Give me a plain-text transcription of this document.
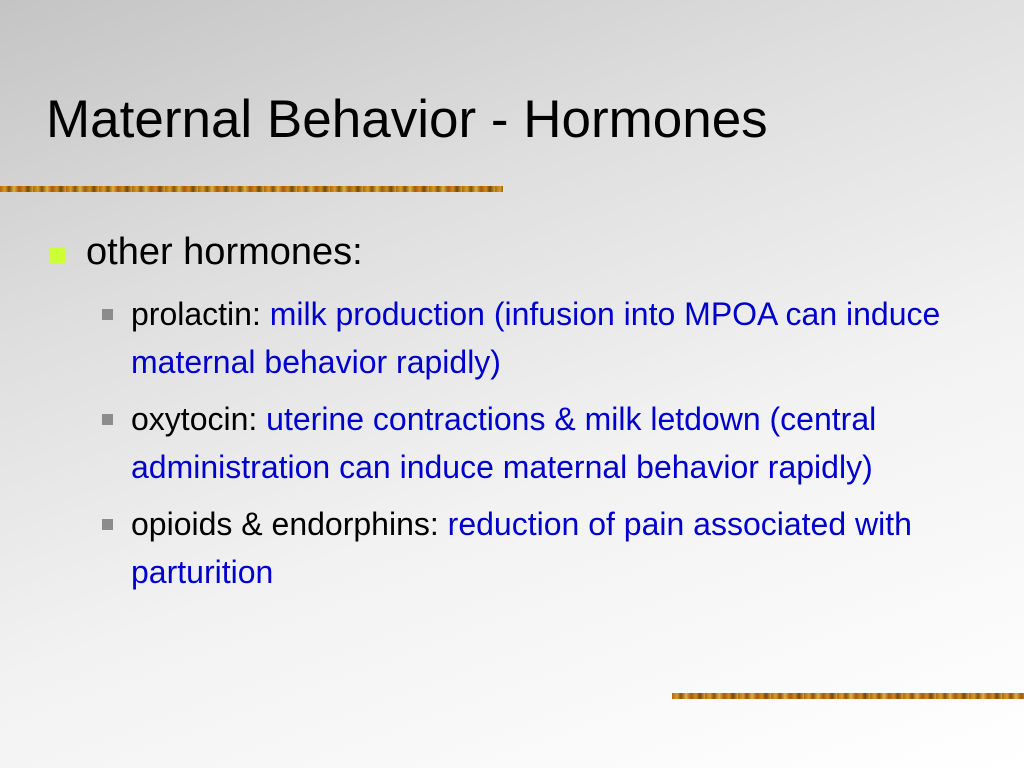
Maternal Behavior - Hormones
other hormones:
prolactin: milk production (infusion into MPOA can induce maternal behavior rapidly)
oxytocin: uterine contractions & milk letdown (central administration can induce maternal behavior rapidly)
opioids & endorphins: reduction of pain associated with parturition
